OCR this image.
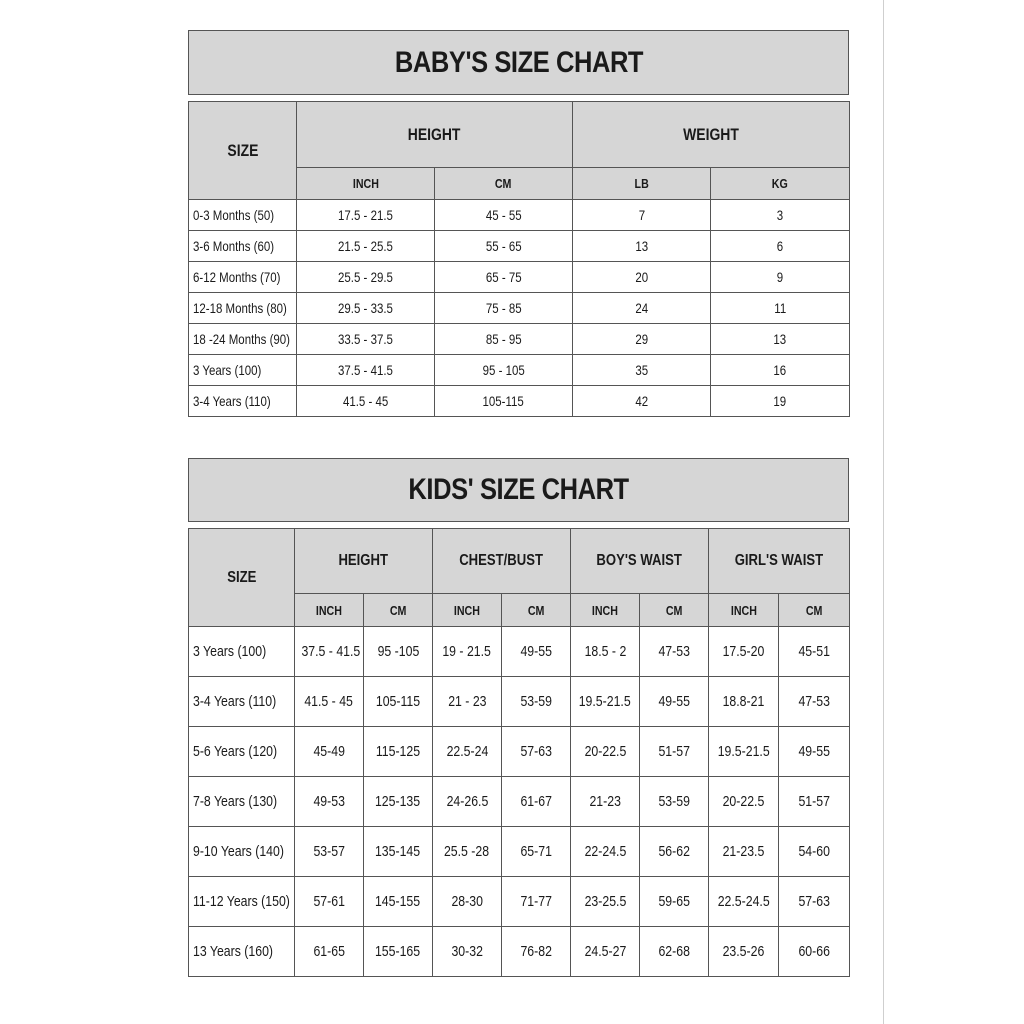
BABY'S SIZE CHART
SIZE	HEIGHT		WEIGHT	
	INCH	CM	LB	KG
0-3 Months (50)	17.5 - 21.5	45 - 55	7	3
3-6 Months (60)	21.5 - 25.5	55 - 65	13	6
6-12 Months (70)	25.5 - 29.5	65 - 75	20	9
12-18 Months (80)	29.5 - 33.5	75 - 85	24	11
18 -24 Months (90)	33.5 - 37.5	85 - 95	29	13
3 Years (100)	37.5 - 41.5	95 - 105	35	16
3-4 Years (110)	41.5 - 45	105-115	42	19
KIDS' SIZE CHART
SIZE	HEIGHT		CHEST/BUST		BOY'S WAIST		GIRL'S WAIST	
	INCH	CM	INCH	CM	INCH	CM	INCH	CM
3 Years (100)	37.5 - 41.5	95 -105	19 - 21.5	49-55	18.5 - 2	47-53	17.5-20	45-51
3-4 Years (110)	41.5 - 45	105-115	21 - 23	53-59	19.5-21.5	49-55	18.8-21	47-53
5-6 Years (120)	45-49	115-125	22.5-24	57-63	20-22.5	51-57	19.5-21.5	49-55
7-8 Years (130)	49-53	125-135	24-26.5	61-67	21-23	53-59	20-22.5	51-57
9-10 Years (140)	53-57	135-145	25.5 -28	65-71	22-24.5	56-62	21-23.5	54-60
11-12 Years (150)	57-61	145-155	28-30	71-77	23-25.5	59-65	22.5-24.5	57-63
13 Years (160)	61-65	155-165	30-32	76-82	24.5-27	62-68	23.5-26	60-66
